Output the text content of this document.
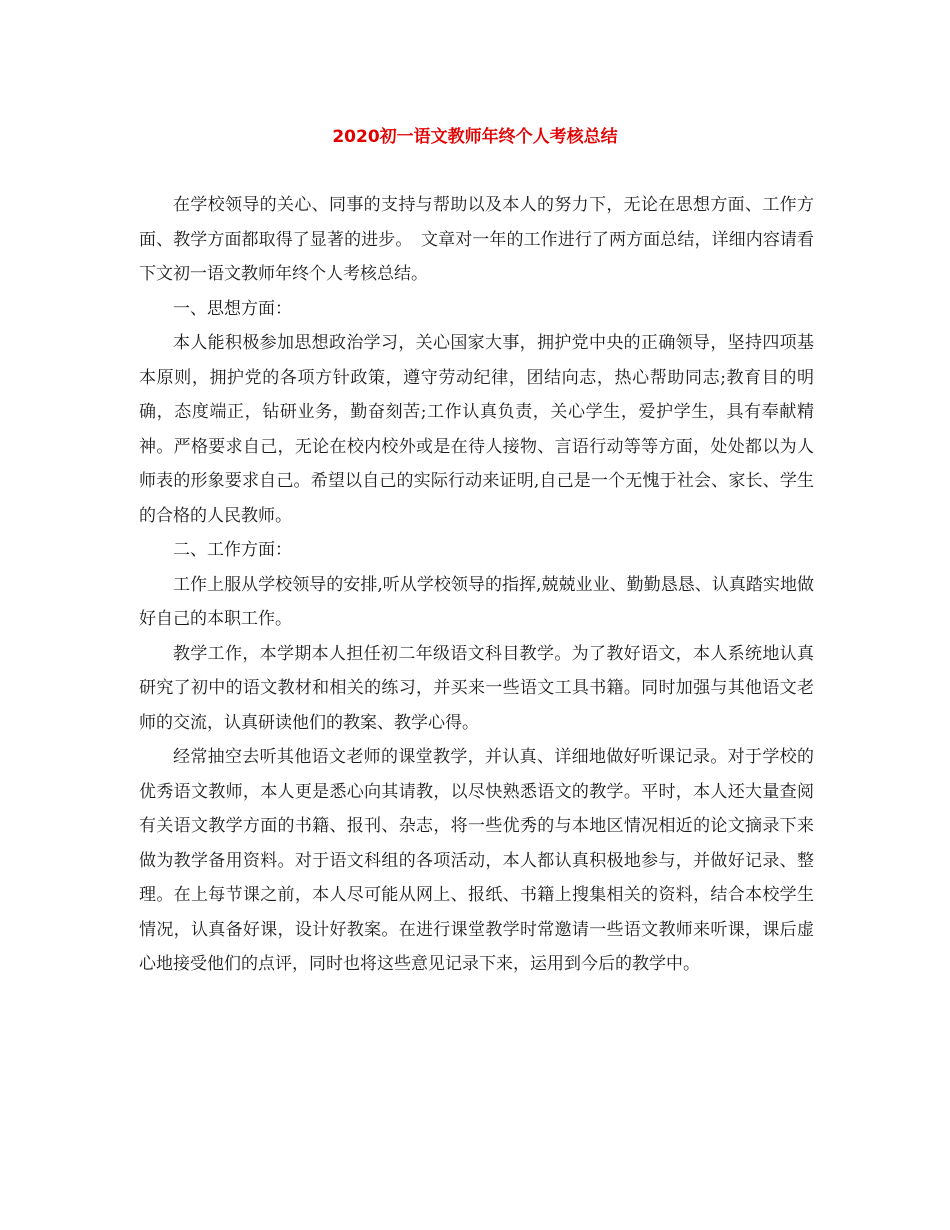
2020初一语文教师年终个人考核总结

在学校领导的关心、同事的支持与帮助以及本人的努力下，无论在思想方面、工作方面、教学方面都取得了显著的进步。　文章对一年的工作进行了两方面总结，详细内容请看下文初一语文教师年终个人考核总结。

一、思想方面：

本人能积极参加思想政治学习，关心国家大事，拥护党中央的正确领导，坚持四项基本原则，拥护党的各项方针政策，遵守劳动纪律，团结向志，热心帮助同志;教育目的明确，态度端正，钻研业务，勤奋刻苦;工作认真负责，关心学生，爱护学生，具有奉献精神。严格要求自己，无论在校内校外或是在待人接物、言语行动等等方面，处处都以为人师表的形象要求自己。希望以自己的实际行动来证明,自己是一个无愧于社会、家长、学生的合格的人民教师。

二、工作方面：

工作上服从学校领导的安排,听从学校领导的指挥,兢兢业业、勤勤恳恳、认真踏实地做好自己的本职工作。

教学工作，本学期本人担任初二年级语文科目教学。为了教好语文，本人系统地认真研究了初中的语文教材和相关的练习，并买来一些语文工具书籍。同时加强与其他语文老师的交流，认真研读他们的教案、教学心得。

经常抽空去听其他语文老师的课堂教学，并认真、详细地做好听课记录。对于学校的优秀语文教师，本人更是悉心向其请教，以尽快熟悉语文的教学。平时，本人还大量查阅有关语文教学方面的书籍、报刊、杂志，将一些优秀的与本地区情况相近的论文摘录下来做为教学备用资料。对于语文科组的各项活动，本人都认真积极地参与，并做好记录、整理。在上每节课之前，本人尽可能从网上、报纸、书籍上搜集相关的资料，结合本校学生情况，认真备好课，设计好教案。在进行课堂教学时常邀请一些语文教师来听课，课后虚心地接受他们的点评，同时也将这些意见记录下来，运用到今后的教学中。
